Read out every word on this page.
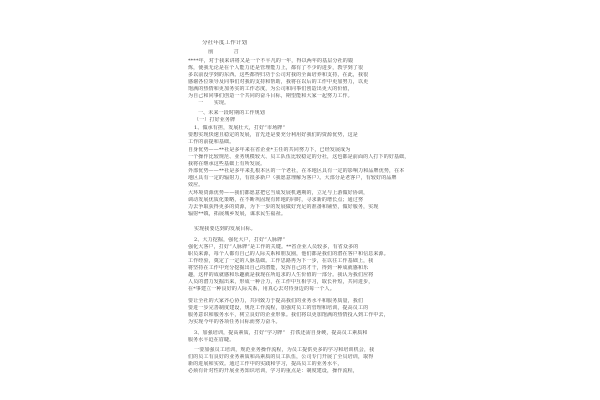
分社年度工作计划
前　　言
****年，对于我来讲将又是一个不平凡的一年，得以两年的基层分社的锻
炼，使我无论是在个人能力还是管理能力上，都有了不少的进步，教学到了很
多以前没学到的东西。这些都得归功于公司对我的全面培养和支持，在此，我很
感谢各位领导及同事们对我的支持和帮助，我将在以后的工作中更加努力，以更
饱满的热情和更加务实的工作态度，为公司和同事们创造出更大的价值，
为自己和同事们创造一个共同的奋斗目标，期望能和大家一起努力工作。
　　一　　实现。
一、未来一段时期的工作规划
（一）打好业务牌
1、做承有担，发展壮大，打好“市场牌”
要想实现快速且稳定的发展，首先还是要充分利用好我们的资源优势，这是
工作的前提和基础。
自身优势——**社是多年来在省企业*主任的共同努力下，已经发展成为
一个操作比较规范、业务规模较大、员工队伍比较稳定的分社，这也都是前面的人打下的好基础，
我将在继承这些基础上有所发展。
外部优势——**社是多年来扎根本区的一个老社，在本地区具有一定的影响力和品牌优势，在本
地区具有一定的辐射力，有很多新户（我愿意理解为客户）。大部分是老客户，有较好的品牌
效应。
大环境资源优势——我们都愿意把它当成发展机遇期的，立足与上游做好协调，
调动发展优质化策略，在不断巩固现有阵地的同时，寻求新的增长点；通过努
力去争取获得更多的资源，为下一步的发展做好充足的准备和铺垫，做好服务，实现
辐射**镇，拓展城乡发展，谋求民生福祉。
实现我要达到的发展目标。
2、大力挖掘，强化大户，打好“人脉牌”
强化大客户，打好“人脉牌”是工作的关键。**省企业人员较多，有省众多的
职员来源，每个人都有自己的人际关系和朋友圈，他们都是我们的潜在客户和信息来源。
工作经验，奠定了一定的人脉基础。工作思路再为下一步，在以往工作基础上，我
将坚持在工作中充分挖掘出自己的潜能，发挥自己的才干，得到一种成就感和乐
趣，这样的成就感和乐趣就是我现在所追求的人生价值的一部分。我认为我们应将
人员的潜力发掘出来，形成一种合力，在工作中互相学习，取长补短，共同进步，
在*事建立一种良好的人际关系，用真心去对待身边的每一个人。
要让全社的大家齐心协力，共同致力于提高我们的业务水平和服务质量，我们
要进一步完善制度建设，规范工作流程，加强对员工的管理和培训，提高员工的
服务意识和服务水平，树立良好的企业形象。我们将以更加饱满的热情投入到工作中去，
为实现今年的各项任务目标而努力奋斗。
3、加强培训，提高素质，打好“学习牌”　打铁还需自身硬，提高员工素质和
服务水平迫在眉睫。
一要加强员工培训，规范业务操作流程，为员工提供更多的学习和培训机会，我
们的员工有良好的业务素质和高素质的员工队伍，公司专门开展了全员培训，取得
新的进展和实效。通过工作中的实践和学习，提高员工的业务水平，
必须有针对性的开展业务知识培训，学习的重点是：制度建设，操作流程，
